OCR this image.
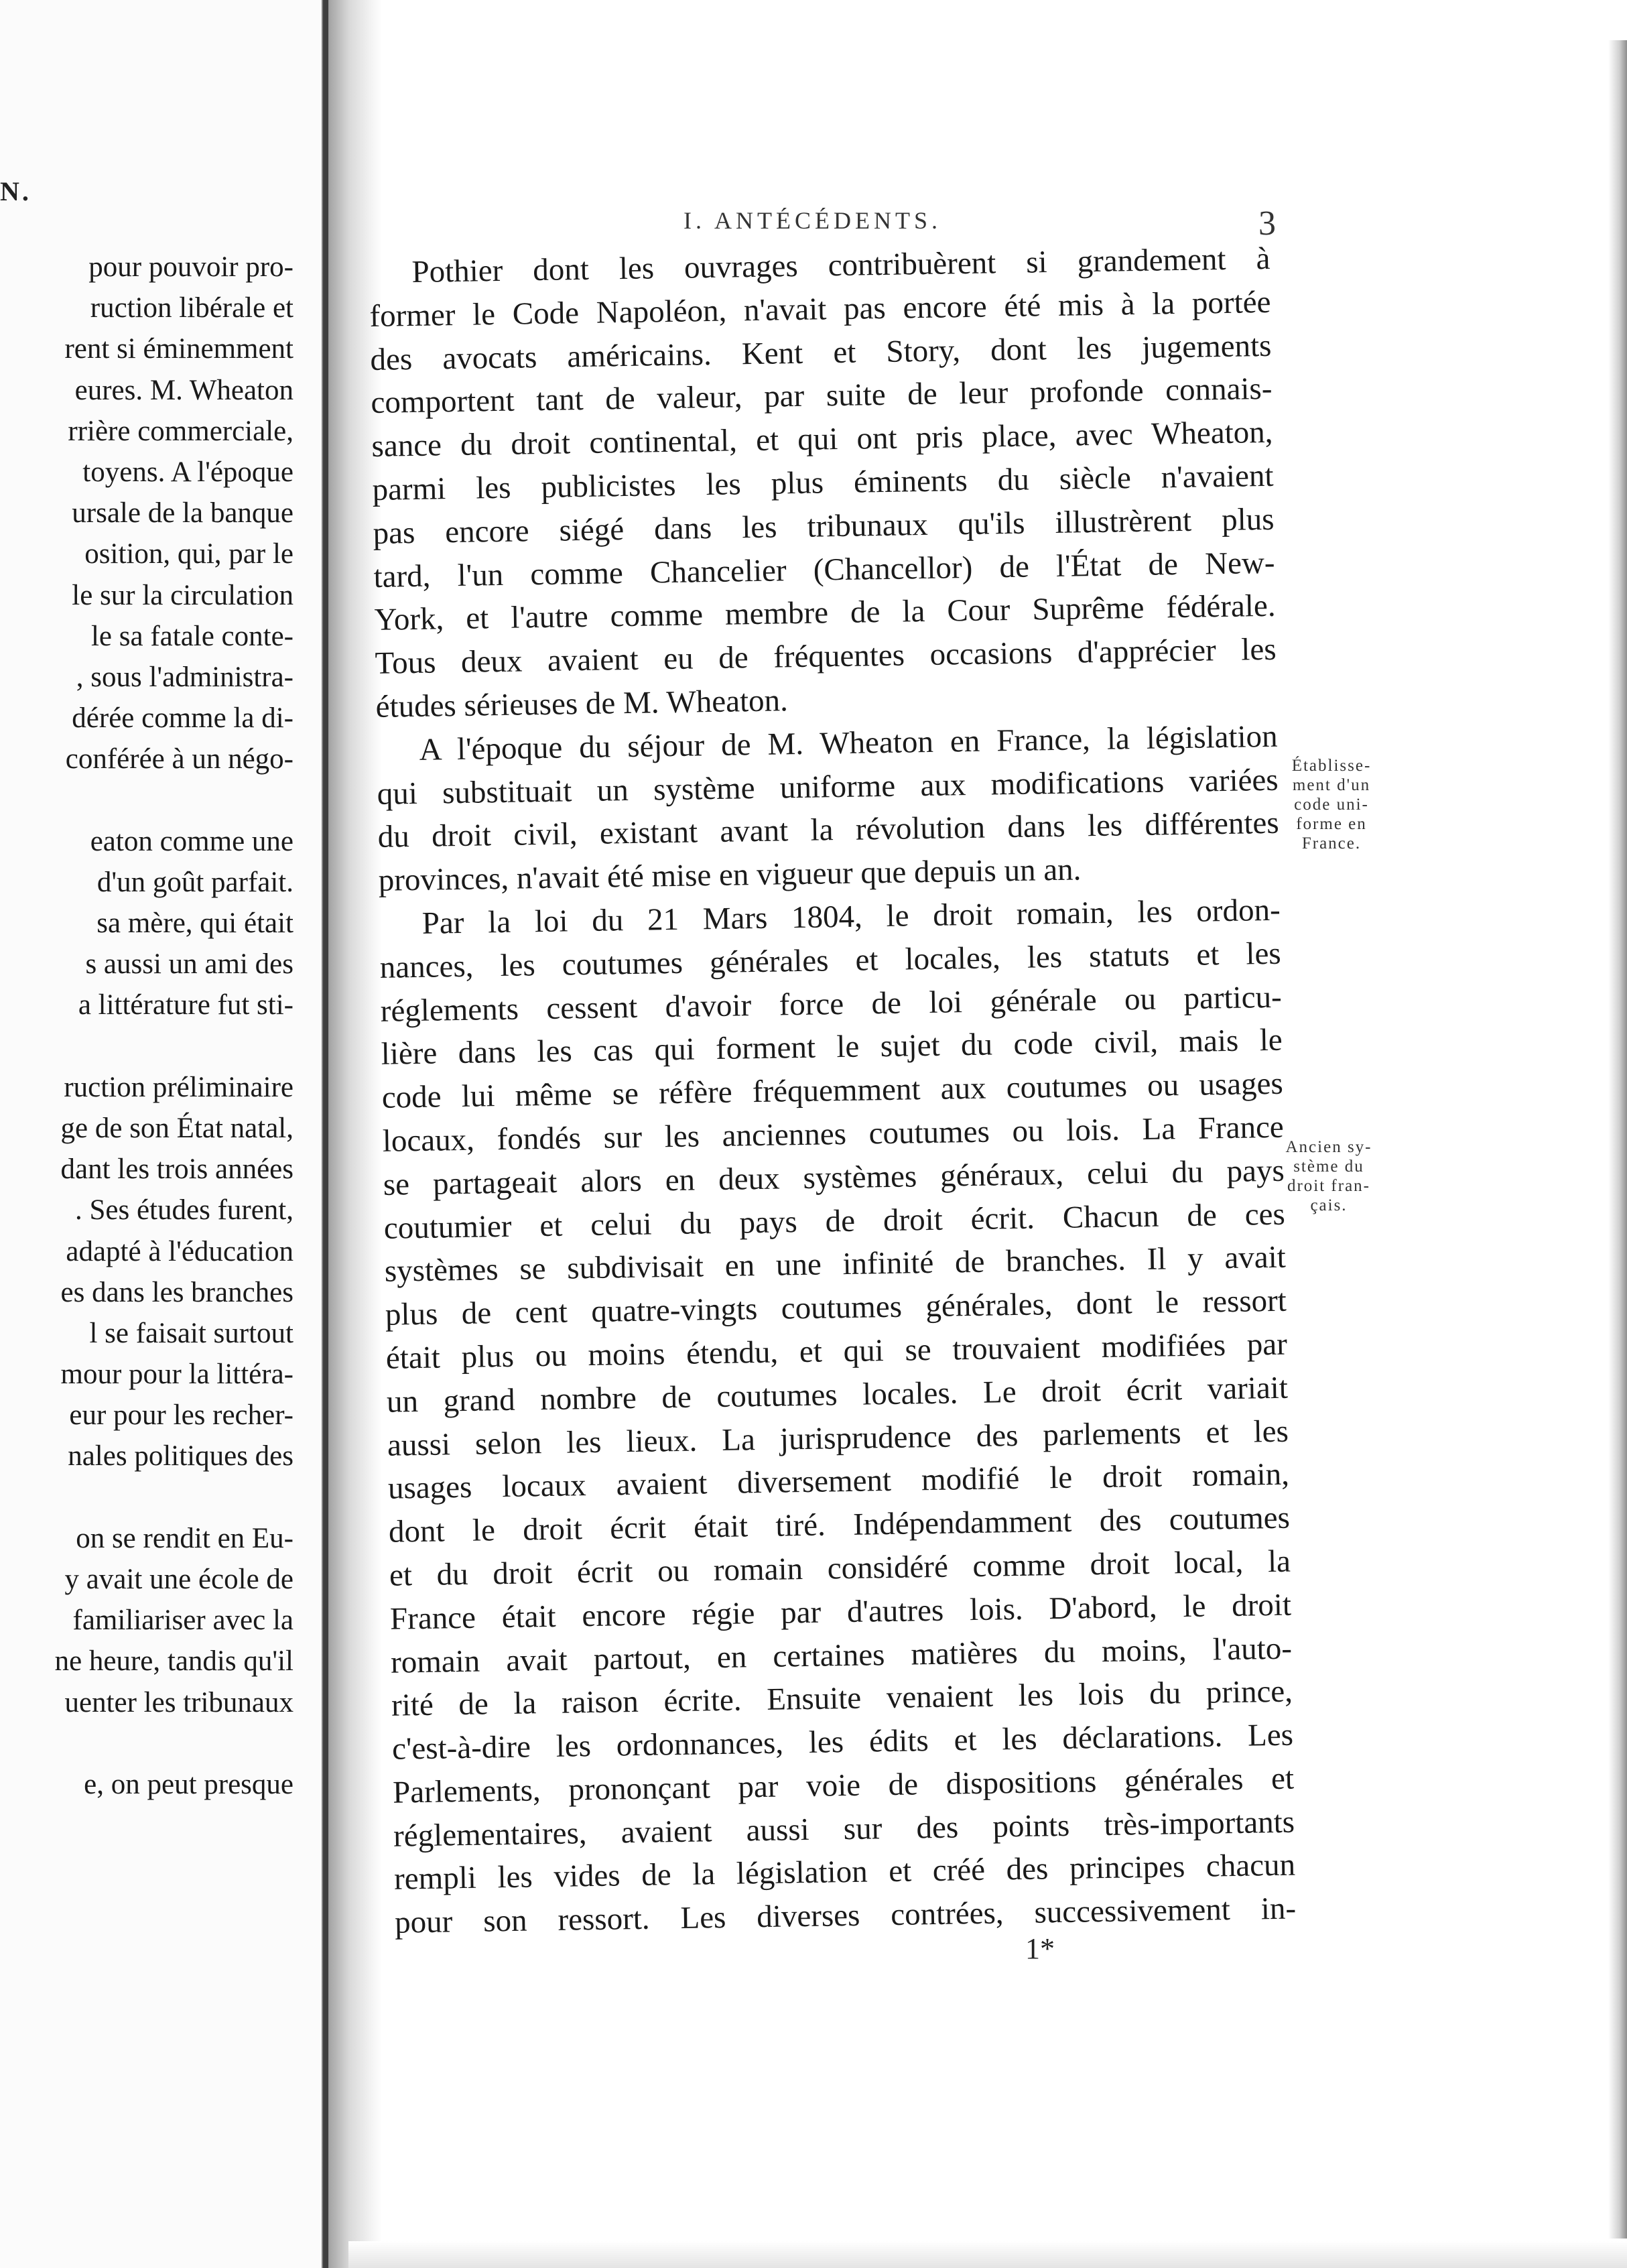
N.
pour pouvoir pro-
ruction libérale et
rent si éminemment
eures. M. Wheaton
rrière commerciale,
toyens. A l'époque
ursale de la banque
osition, qui, par le
le sur la circulation
le sa fatale conte-
, sous l'administra-
dérée comme la di-
conférée à un négo-
eaton comme une
d'un goût parfait.
sa mère, qui était
s aussi un ami des
a littérature fut sti-
ruction préliminaire
ge de son État natal,
dant les trois années
. Ses études furent,
adapté à l'éducation
es dans les branches
l se faisait surtout
mour pour la littéra-
eur pour les recher-
nales politiques des
on se rendit en Eu-
y avait une école de
familiariser avec la
ne heure, tandis qu'il
uenter les tribunaux
e, on peut presque
I. ANTÉCÉDENTS.	3
Pothier dont les ouvrages contribuèrent si grandement à
former le Code Napoléon, n'avait pas encore été mis à la portée
des avocats américains. Kent et Story, dont les jugements
comportent tant de valeur, par suite de leur profonde connais-
sance du droit continental, et qui ont pris place, avec Wheaton,
parmi les publicistes les plus éminents du siècle n'avaient
pas encore siégé dans les tribunaux qu'ils illustrèrent plus
tard, l'un comme Chancelier (Chancellor) de l'État de New-
York, et l'autre comme membre de la Cour Suprême fédérale.
Tous deux avaient eu de fréquentes occasions d'apprécier les
études sérieuses de M. Wheaton.
A l'époque du séjour de M. Wheaton en France, la législation
qui substituait un système uniforme aux modifications variées
du droit civil, existant avant la révolution dans les différentes
provinces, n'avait été mise en vigueur que depuis un an.
Par la loi du 21 Mars 1804, le droit romain, les ordon-
nances, les coutumes générales et locales, les statuts et les
réglements cessent d'avoir force de loi générale ou particu-
lière dans les cas qui forment le sujet du code civil, mais le
code lui même se réfère fréquemment aux coutumes ou usages
locaux, fondés sur les anciennes coutumes ou lois. La France
se partageait alors en deux systèmes généraux, celui du pays
coutumier et celui du pays de droit écrit. Chacun de ces
systèmes se subdivisait en une infinité de branches. Il y avait
plus de cent quatre-vingts coutumes générales, dont le ressort
était plus ou moins étendu, et qui se trouvaient modifiées par
un grand nombre de coutumes locales. Le droit écrit variait
aussi selon les lieux. La jurisprudence des parlements et les
usages locaux avaient diversement modifié le droit romain,
dont le droit écrit était tiré. Indépendamment des coutumes
et du droit écrit ou romain considéré comme droit local, la
France était encore régie par d'autres lois. D'abord, le droit
romain avait partout, en certaines matières du moins, l'auto-
rité de la raison écrite. Ensuite venaient les lois du prince,
c'est-à-dire les ordonnances, les édits et les déclarations. Les
Parlements, prononçant par voie de dispositions générales et
réglementaires, avaient aussi sur des points très-importants
rempli les vides de la législation et créé des principes chacun
pour son ressort. Les diverses contrées, successivement in-
Établisse-
ment d'un
code uni-
forme en
France.
Ancien sy-
stème du
droit fran-
çais.
1*
